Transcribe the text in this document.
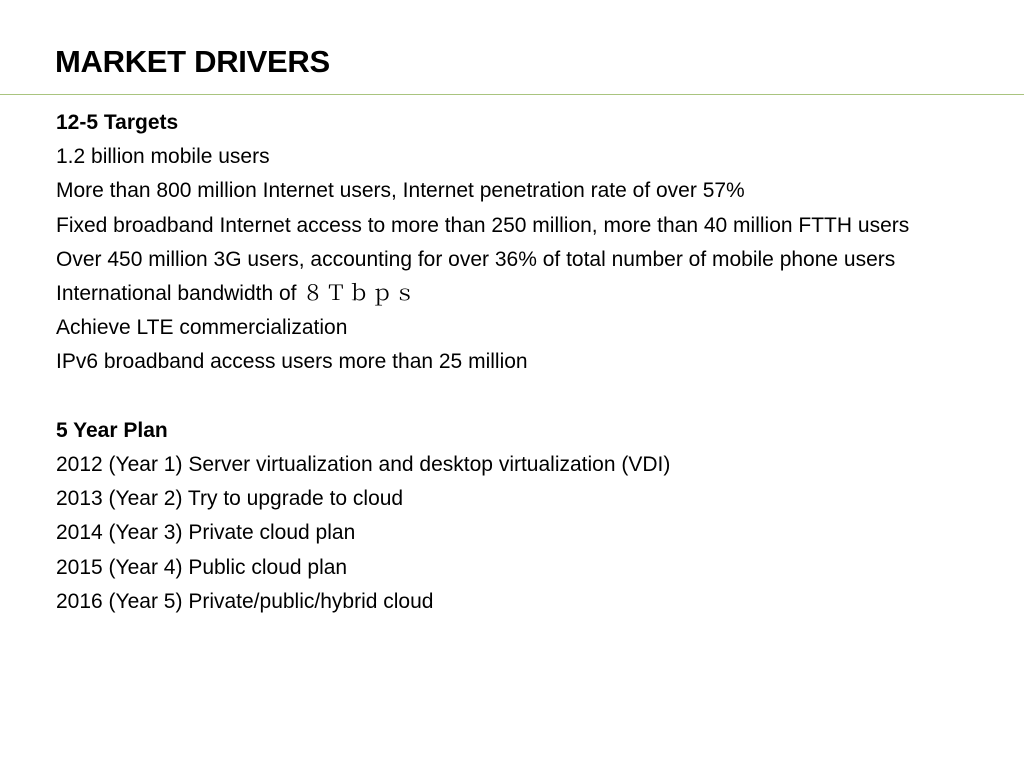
MARKET DRIVERS
12-5 Targets
1.2 billion mobile users
More than 800 million Internet users, Internet penetration rate of over 57%
Fixed broadband Internet access to more than 250 million, more than 40 million FTTH users
Over 450 million 3G users, accounting for over 36% of total number of mobile phone users
International bandwidth of ８Ｔｂｐｓ
Achieve LTE commercialization
IPv6 broadband access users more than 25 million
5 Year Plan
2012 (Year 1) Server virtualization and desktop virtualization (VDI)
2013 (Year 2) Try to upgrade to cloud
2014 (Year 3) Private cloud plan
2015 (Year 4) Public cloud plan
2016 (Year 5) Private/public/hybrid cloud
